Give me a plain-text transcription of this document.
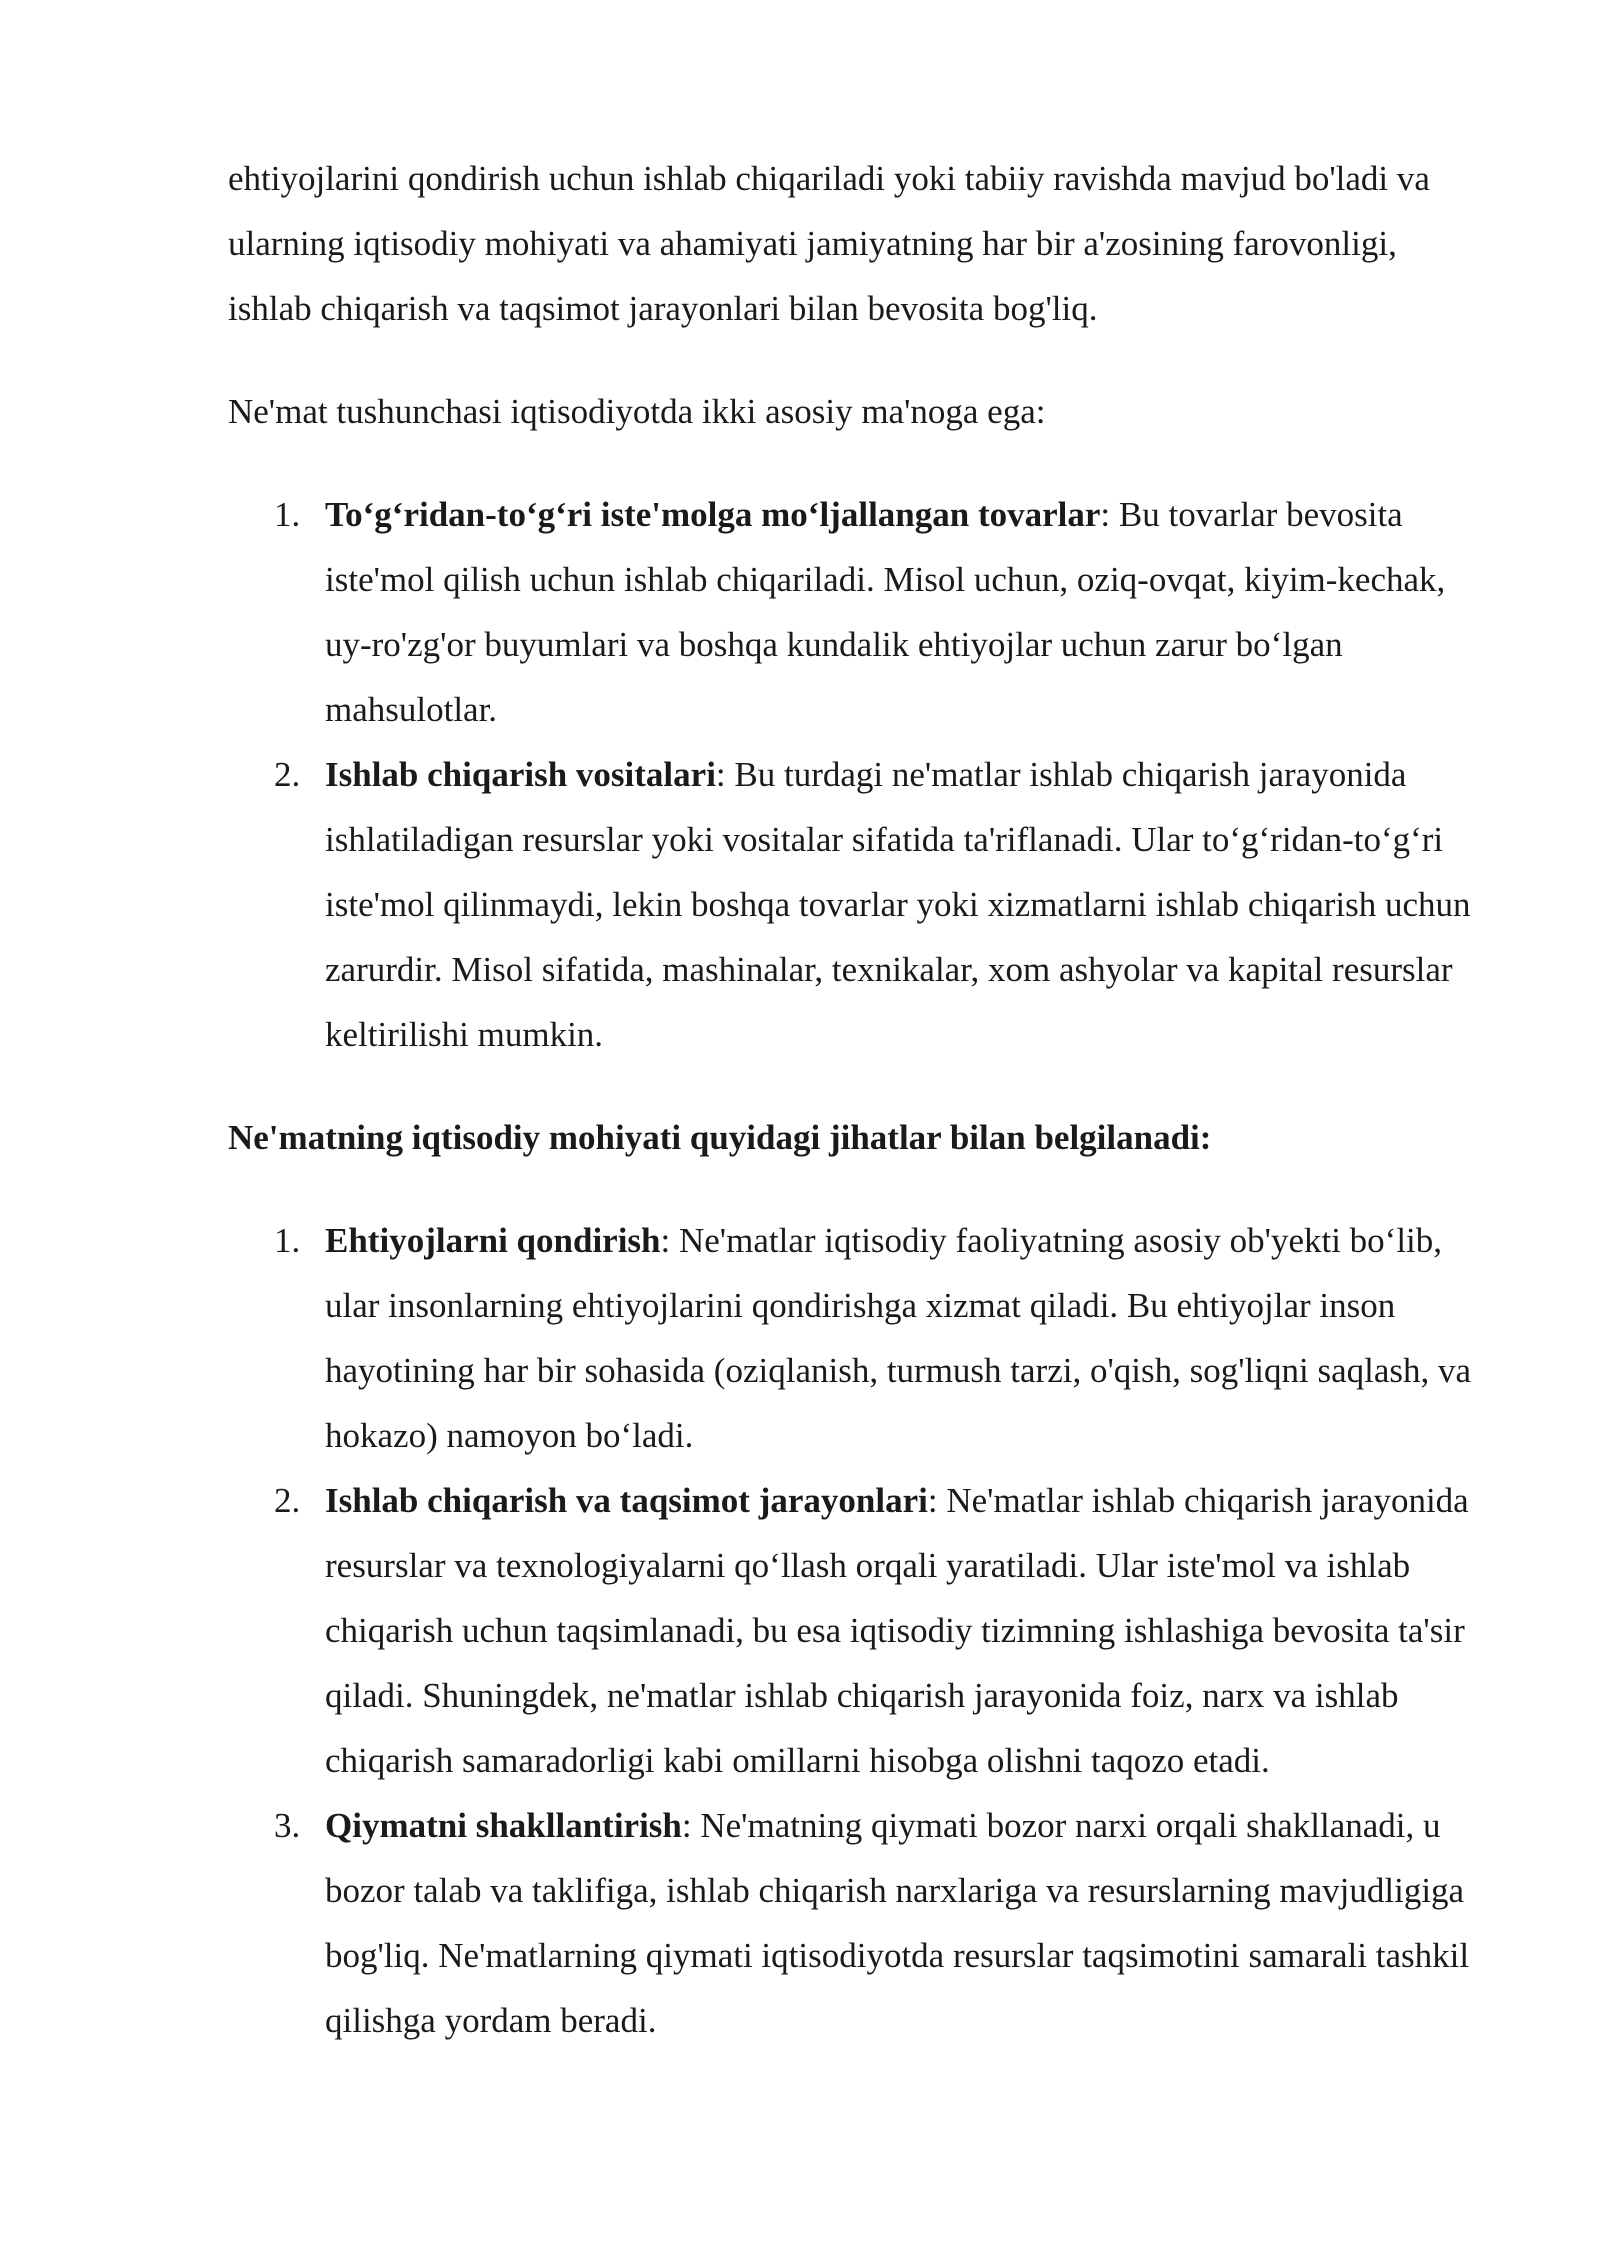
ehtiyojlarini qondirish uchun ishlab chiqariladi yoki tabiiy ravishda mavjud bo'ladi va ularning iqtisodiy mohiyati va ahamiyati jamiyatning har bir a'zosining farovonligi, ishlab chiqarish va taqsimot jarayonlari bilan bevosita bog'liq.

Ne'mat tushunchasi iqtisodiyotda ikki asosiy ma'noga ega:

1. To‘g‘ridan-to‘g‘ri iste'molga mo‘ljallangan tovarlar: Bu tovarlar bevosita iste'mol qilish uchun ishlab chiqariladi. Misol uchun, oziq-ovqat, kiyim-kechak, uy-ro'zg'or buyumlari va boshqa kundalik ehtiyojlar uchun zarur bo‘lgan mahsulotlar.
2. Ishlab chiqarish vositalari: Bu turdagi ne'matlar ishlab chiqarish jarayonida ishlatiladigan resurslar yoki vositalar sifatida ta'riflanadi. Ular to‘g‘ridan-to‘g‘ri iste'mol qilinmaydi, lekin boshqa tovarlar yoki xizmatlarni ishlab chiqarish uchun zarurdir. Misol sifatida, mashinalar, texnikalar, xom ashyolar va kapital resurslar keltirilishi mumkin.

Ne'matning iqtisodiy mohiyati quyidagi jihatlar bilan belgilanadi:

1. Ehtiyojlarni qondirish: Ne'matlar iqtisodiy faoliyatning asosiy ob'yekti bo‘lib, ular insonlarning ehtiyojlarini qondirishga xizmat qiladi. Bu ehtiyojlar inson hayotining har bir sohasida (oziqlanish, turmush tarzi, o'qish, sog'liqni saqlash, va hokazo) namoyon bo‘ladi.
2. Ishlab chiqarish va taqsimot jarayonlari: Ne'matlar ishlab chiqarish jarayonida resurslar va texnologiyalarni qo‘llash orqali yaratiladi. Ular iste'mol va ishlab chiqarish uchun taqsimlanadi, bu esa iqtisodiy tizimning ishlashiga bevosita ta'sir qiladi. Shuningdek, ne'matlar ishlab chiqarish jarayonida foiz, narx va ishlab chiqarish samaradorligi kabi omillarni hisobga olishni taqozo etadi.
3. Qiymatni shakllantirish: Ne'matning qiymati bozor narxi orqali shakllanadi, u bozor talab va taklifiga, ishlab chiqarish narxlariga va resurslarning mavjudligiga bog'liq. Ne'matlarning qiymati iqtisodiyotda resurslar taqsimotini samarali tashkil qilishga yordam beradi.
